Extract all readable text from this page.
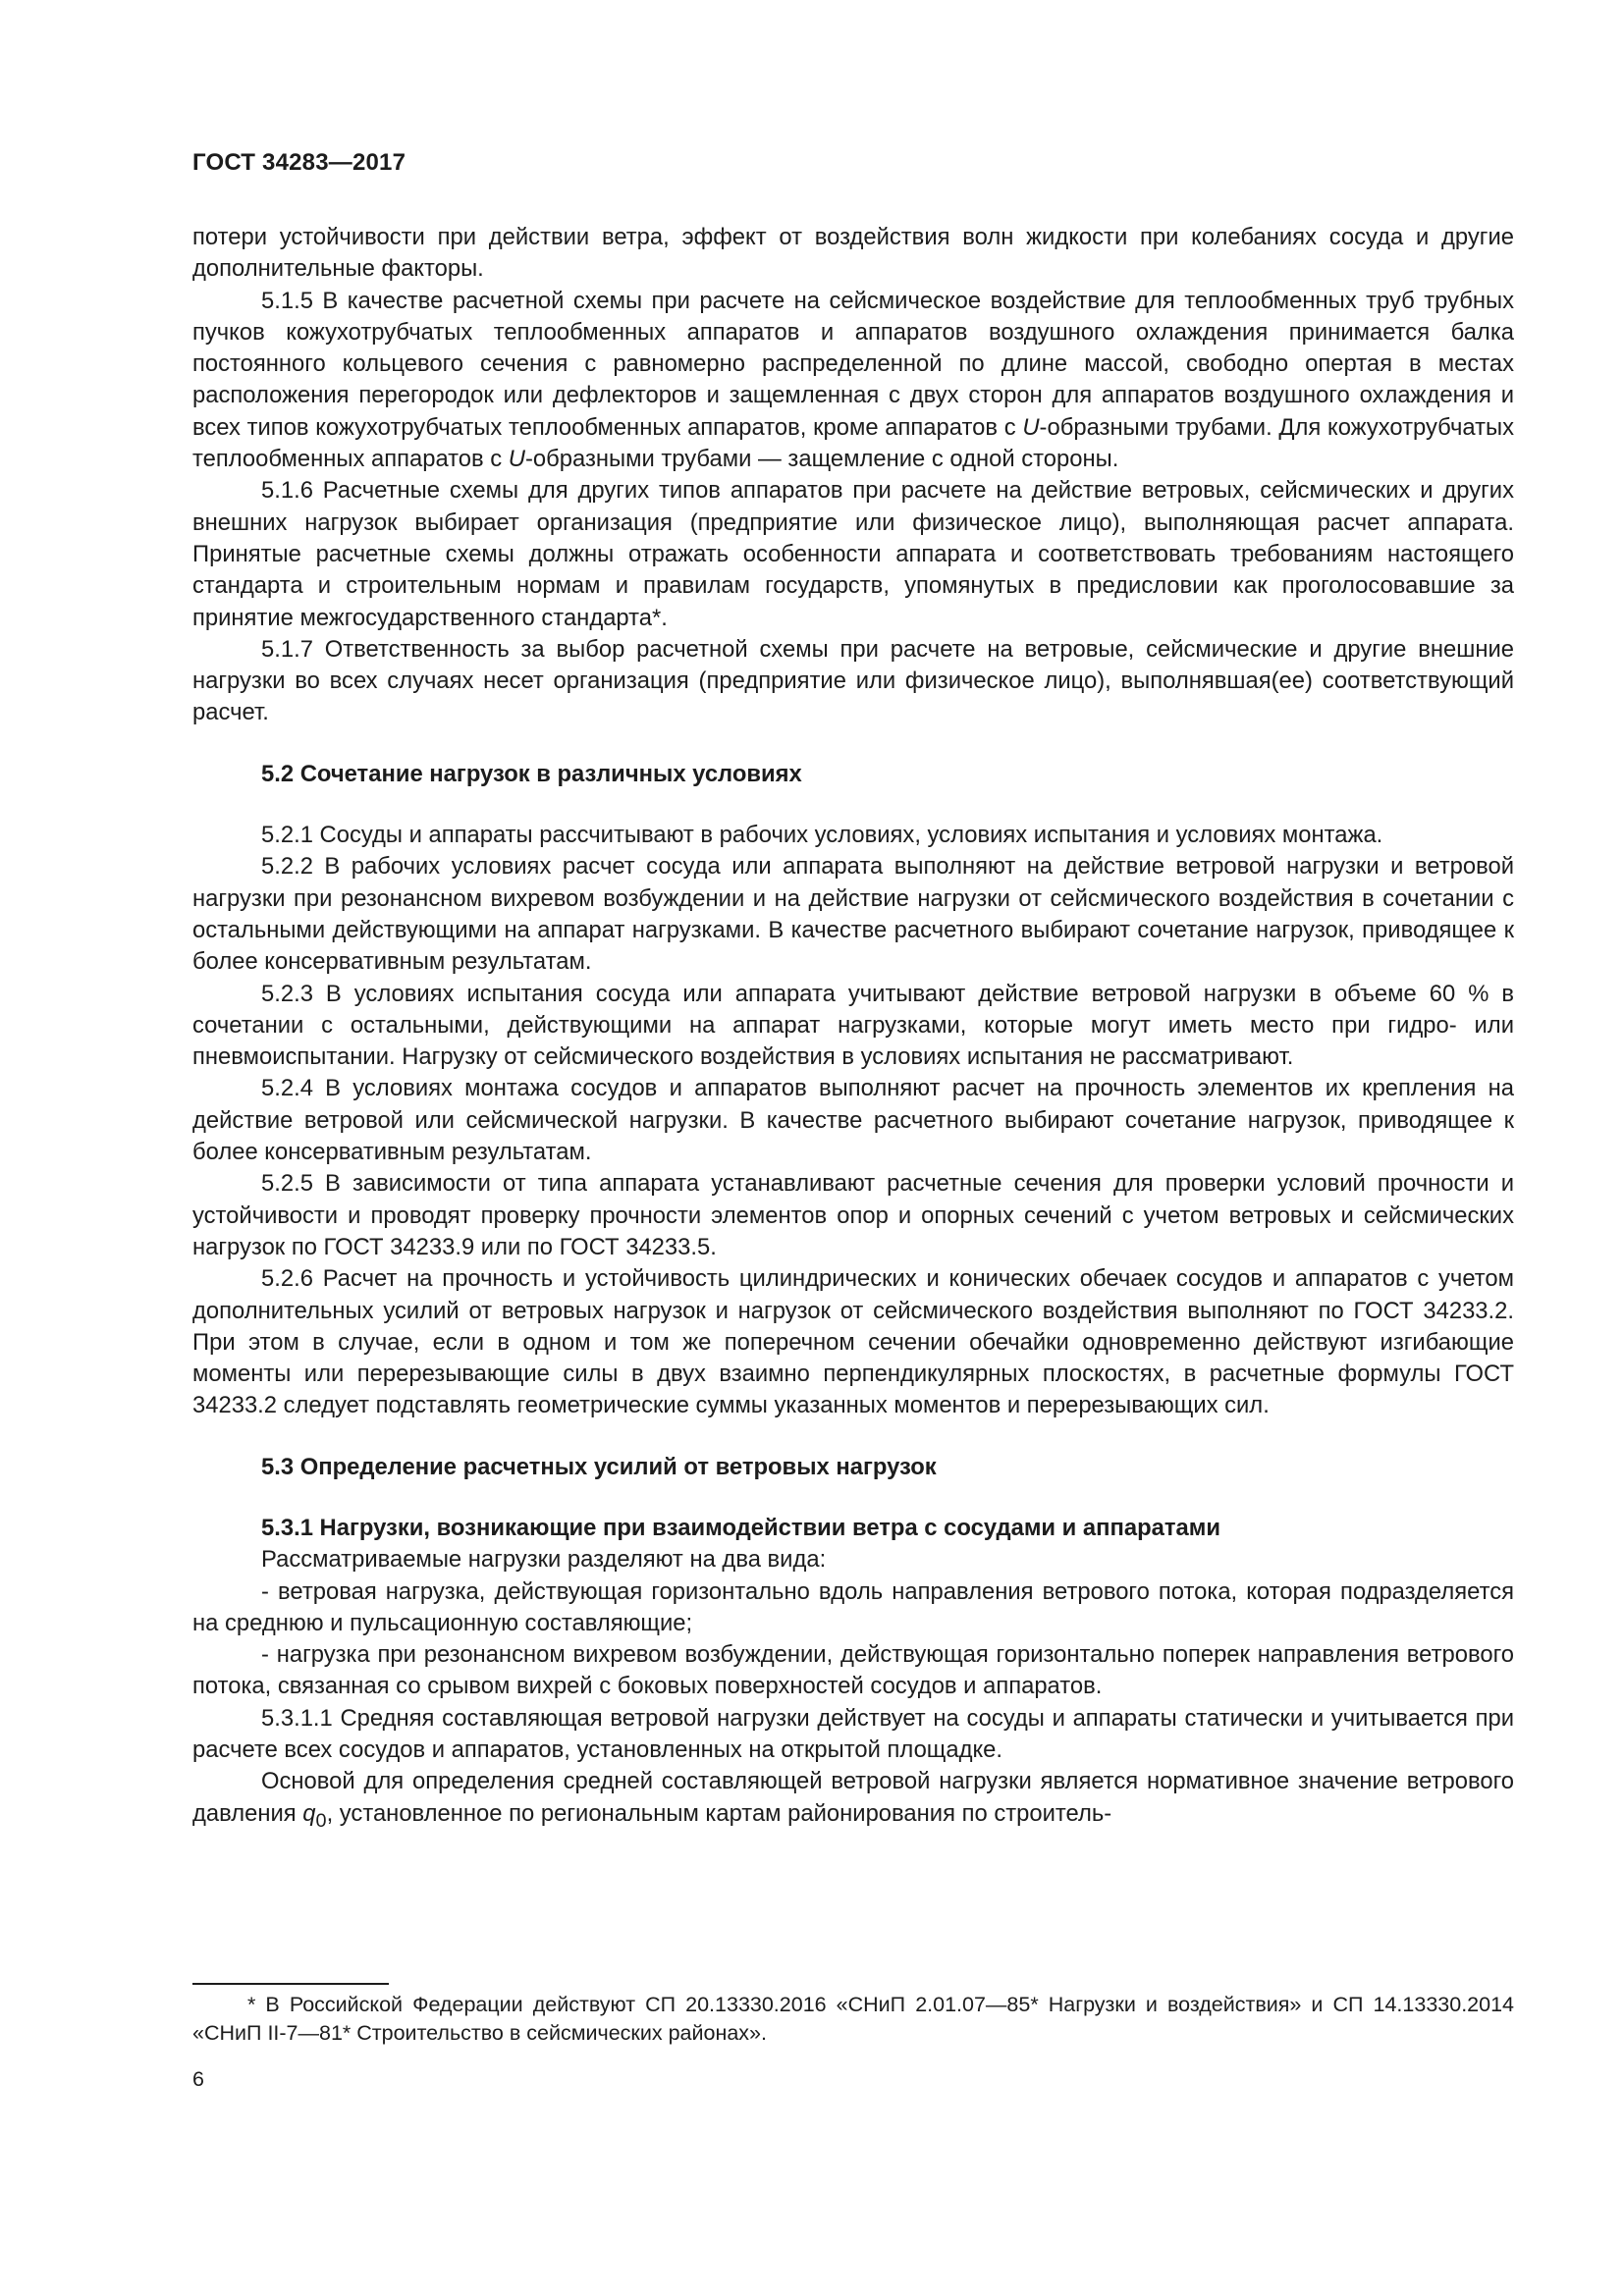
ГОСТ 34283—2017

потери устойчивости при действии ветра, эффект от воздействия волн жидкости при колебаниях сосуда и другие дополнительные факторы.

5.1.5 В качестве расчетной схемы при расчете на сейсмическое воздействие для теплообменных труб трубных пучков кожухотрубчатых теплообменных аппаратов и аппаратов воздушного охлаждения принимается балка постоянного кольцевого сечения с равномерно распределенной по длине массой, свободно опертая в местах расположения перегородок или дефлекторов и защемленная с двух сторон для аппаратов воздушного охлаждения и всех типов кожухотрубчатых теплообменных аппаратов, кроме аппаратов с U-образными трубами. Для кожухотрубчатых теплообменных аппаратов с U-образными трубами — защемление с одной стороны.

5.1.6 Расчетные схемы для других типов аппаратов при расчете на действие ветровых, сейсмических и других внешних нагрузок выбирает организация (предприятие или физическое лицо), выполняющая расчет аппарата. Принятые расчетные схемы должны отражать особенности аппарата и соответствовать требованиям настоящего стандарта и строительным нормам и правилам государств, упомянутых в предисловии как проголосовавшие за принятие межгосударственного стандарта*.

5.1.7 Ответственность за выбор расчетной схемы при расчете на ветровые, сейсмические и другие внешние нагрузки во всех случаях несет организация (предприятие или физическое лицо), выполнявшая(ее) соответствующий расчет.

5.2 Сочетание нагрузок в различных условиях

5.2.1 Сосуды и аппараты рассчитывают в рабочих условиях, условиях испытания и условиях монтажа.

5.2.2 В рабочих условиях расчет сосуда или аппарата выполняют на действие ветровой нагрузки и ветровой нагрузки при резонансном вихревом возбуждении и на действие нагрузки от сейсмического воздействия в сочетании с остальными действующими на аппарат нагрузками. В качестве расчетного выбирают сочетание нагрузок, приводящее к более консервативным результатам.

5.2.3 В условиях испытания сосуда или аппарата учитывают действие ветровой нагрузки в объеме 60 % в сочетании с остальными, действующими на аппарат нагрузками, которые могут иметь место при гидро- или пневмоиспытании. Нагрузку от сейсмического воздействия в условиях испытания не рассматривают.

5.2.4 В условиях монтажа сосудов и аппаратов выполняют расчет на прочность элементов их крепления на действие ветровой или сейсмической нагрузки. В качестве расчетного выбирают сочетание нагрузок, приводящее к более консервативным результатам.

5.2.5 В зависимости от типа аппарата устанавливают расчетные сечения для проверки условий прочности и устойчивости и проводят проверку прочности элементов опор и опорных сечений с учетом ветровых и сейсмических нагрузок по ГОСТ 34233.9 или по ГОСТ 34233.5.

5.2.6 Расчет на прочность и устойчивость цилиндрических и конических обечаек сосудов и аппаратов с учетом дополнительных усилий от ветровых нагрузок и нагрузок от сейсмического воздействия выполняют по ГОСТ 34233.2. При этом в случае, если в одном и том же поперечном сечении обечайки одновременно действуют изгибающие моменты или перерезывающие силы в двух взаимно перпендикулярных плоскостях, в расчетные формулы ГОСТ 34233.2 следует подставлять геометрические суммы указанных моментов и перерезывающих сил.

5.3 Определение расчетных усилий от ветровых нагрузок
5.3.1 Нагрузки, возникающие при взаимодействии ветра с сосудами и аппаратами

Рассматриваемые нагрузки разделяют на два вида:

- ветровая нагрузка, действующая горизонтально вдоль направления ветрового потока, которая подразделяется на среднюю и пульсационную составляющие;

- нагрузка при резонансном вихревом возбуждении, действующая горизонтально поперек направления ветрового потока, связанная со срывом вихрей с боковых поверхностей сосудов и аппаратов.

5.3.1.1 Средняя составляющая ветровой нагрузки действует на сосуды и аппараты статически и учитывается при расчете всех сосудов и аппаратов, установленных на открытой площадке.

Основой для определения средней составляющей ветровой нагрузки является нормативное значение ветрового давления $q_0$, установленное по региональным картам районирования по строитель-

* В Российской Федерации действуют СП 20.13330.2016 «СНиП 2.01.07—85* Нагрузки и воздействия» и СП 14.13330.2014 «СНиП II-7—81* Строительство в сейсмических районах».

6
